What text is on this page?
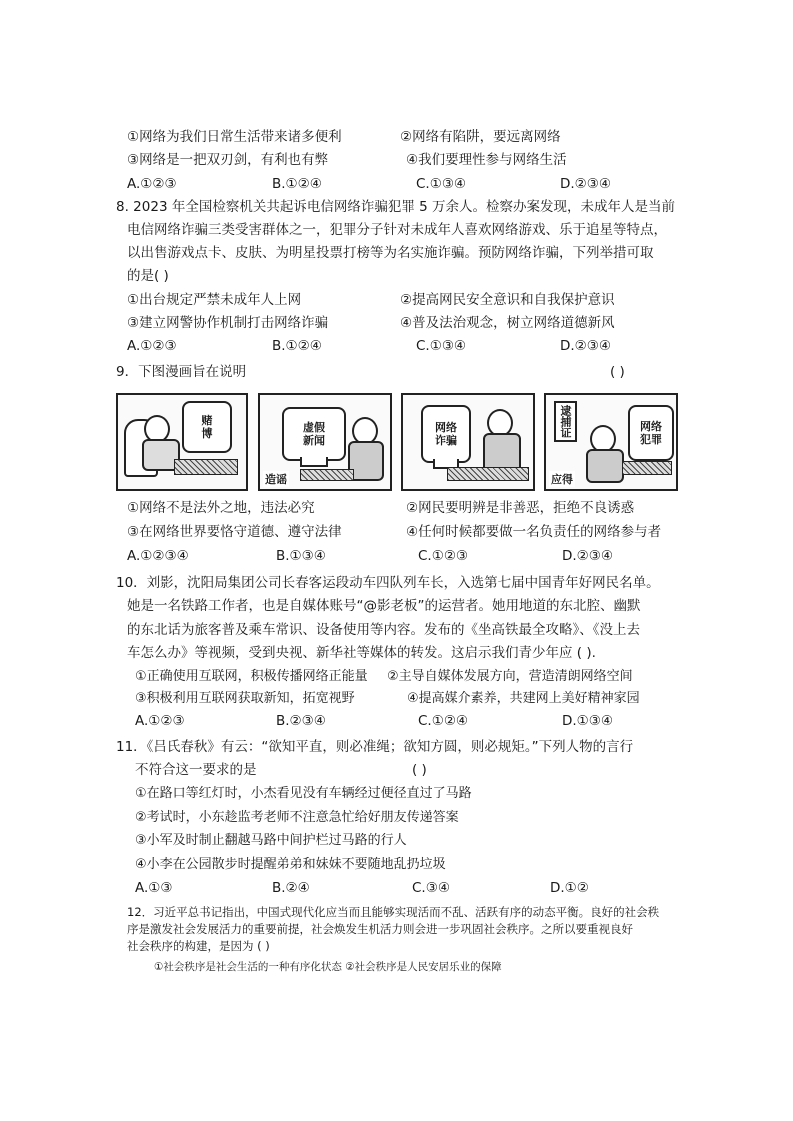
①网络为我们日常生活带来诸多便利	②网络有陷阱，要远离网络
③网络是一把双刃剑，有利也有弊	④我们要理性参与网络生活
A.①②③	B.①②④	C.①③④	D.②③④
8. 2023 年全国检察机关共起诉电信网络诈骗犯罪 5 万余人。检察办案发现，未成年人是当前
电信网络诈骗三类受害群体之一，犯罪分子针对未成年人喜欢网络游戏、乐于追星等特点，
以出售游戏点卡、皮肤、为明星投票打榜等为名实施诈骗。预防网络诈骗，下列举措可取
的是( )
①出台规定严禁未成年人上网	②提高网民安全意识和自我保护意识
③建立网警协作机制打击网络诈骗	④普及法治观念，树立网络道德新风
A.①②③	B.①②④	C.①③④	D.②③④
9．下图漫画旨在说明	( )
赌博	虚假新闻
造谣
网络诈骗
逮捕证	网络犯罪
应得
①网络不是法外之地，违法必究	②网民要明辨是非善恶，拒绝不良诱惑
③在网络世界要恪守道德、遵守法律	④任何时候都要做一名负责任的网络参与者
A.①②③④	B.①③④	C.①②③	D.②③④
10．刘影，沈阳局集团公司长春客运段动车四队列车长，入选第七届中国青年好网民名单。
她是一名铁路工作者，也是自媒体账号“@影老板”的运营者。她用地道的东北腔、幽默
的东北话为旅客普及乘车常识、设备使用等内容。发布的《坐高铁最全攻略》、《没上去
车怎么办》等视频，受到央视、新华社等媒体的转发。这启示我们青少年应 ( ).
①正确使用互联网，积极传播网络正能量 ②主导自媒体发展方向，营造清朗网络空间
③积极利用互联网获取新知，拓宽视野	④提高媒介素养，共建网上美好精神家园
A.①②③	B.②③④	C.①②④	D.①③④
11．《吕氏春秋》有云：“欲知平直，则必准绳；欲知方圆，则必规矩。”下列人物的言行
不符合这一要求的是	( )
①在路口等红灯时，小杰看见没有车辆经过便径直过了马路
②考试时，小东趁监考老师不注意急忙给好朋友传递答案
③小军及时制止翻越马路中间护栏过马路的行人
④小李在公园散步时提醒弟弟和妹妹不要随地乱扔垃圾
A.①③	B.②④	C.③④	D.①②
12．习近平总书记指出，中国式现代化应当而且能够实现活而不乱、活跃有序的动态平衡。良好的社会秩
序是激发社会发展活力的重要前提，社会焕发生机活力则会进一步巩固社会秩序。之所以要重视良好
社会秩序的构建，是因为 ( )
①社会秩序是社会生活的一种有序化状态 ②社会秩序是人民安居乐业的保障
